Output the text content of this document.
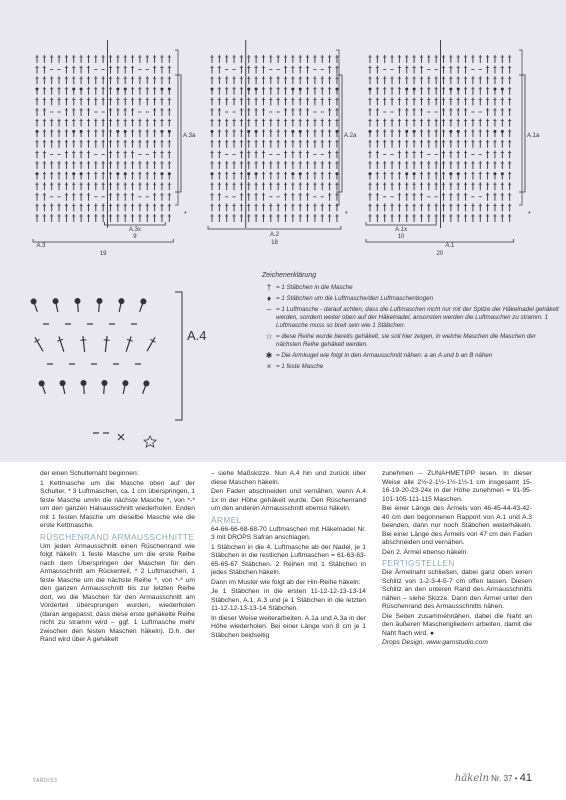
A.3a
A.3x
9
A.3
19
*
A.2a
A.2
18
*
A.1a
A.1x
10
A.1
20
*
A.4
Zeichenerklärung
† = 1 Stäbchen in die Masche
♦ = 1 Stäbchen um die Luftmasche/den Luftmaschenbogen
– = 1 Luftmasche - darauf achten, dass die Luftmaschen nicht nur mit der Spitze der Häkelnadel gehäkelt werden, sondern weiter oben auf der Häkelnadel, ansonsten werden die Luftmaschen zu stramm. 1 Luftmasche muss so breit sein wie 1 Stäbchen.
☆ = diese Reihe wurde bereits gehäkelt, sie soll hier zeigen, in welche Maschen die Maschen der nächsten Reihe gehäkelt werden.
✱ = Die Armkugel wie folgt in den Armausschnitt nähen: a an A und b an B nähen
× = 1 feste Masche

der einen Schulternaht beginnen:

1 Kettmasche um die Masche oben auf der Schulter, * 3 Luftmaschen, ca. 1 cm überspringen, 1 feste Masche um/in die nächste Masche *, von *-* um den ganzen Halsausschnitt wiederholen. Enden mit 1 festen Masche um dieselbe Masche wie die erste Kettmasche.

RÜSCHENRAND ARMAUSSCHNITTE

Um jeden Armausschnitt einen Rüschenrand wie folgt häkeln: 1 feste Masche um die erste Reihe nach dem Überspringen der Maschen für den Armausschnitt am Rückenteil, * 2 Luftmaschen, 1 feste Masche um die nächste Reihe *, von *-* um den ganzen Armausschnitt bis zur letzten Reihe dort, wo die Maschen für den Armausschnitt am Vorderteil übersprungen wurden, wiederholen (daran angepasst, dass diese erste gehäkelte Reihe nicht zu stramm wird – ggf. 1 Luftmasche mehr zwischen den festen Maschen häkeln). D.h. der Rand wird über A gehäkelt

– siehe Maßskizze. Nun A.4 hin und zurück über diese Maschen häkeln.

Den Faden abschneiden und vernähen, wenn A.4 1x in der Höhe gehäkelt wurde. Den Rüschenrand um den anderen Armausschnitt ebenso häkeln.

ÄRMEL

64-66-66-68-68-70 Luftmaschen mit Häkelnadel Nr. 3 mit DROPS Safran anschlagen.

1 Stäbchen in die 4. Luftmasche ab der Nadel, je 1 Stäbchen in die restlichen Luftmaschen = 61-63-63-65-65-67 Stäbchen. 2 Reihen mit 1 Stäbchen in jedes Stäbchen häkeln.

Dann im Muster wie folgt ab der Hin-Reihe häkeln:

Je 1 Stäbchen in die ersten 11-12-12-13-13-14 Stäbchen, A.1, A.3 und je 1 Stäbchen in die letzten 11-12-12-13-13-14 Stäbchen.

In dieser Weise weiterarbeiten. A.1a und A.3a in der Höhe wiederholen. Bei einer Länge von 8 cm je 1 Stäbchen beidseitig

zunehmen – ZUNAHMETIPP lesen. In dieser Weise alle 2½-2-1½-1½-1½-1 cm insgesamt 15-16-19-20-23-24x in der Höhe zunehmen = 91-95-101-105-111-115 Maschen.

Bei einer Länge des Ärmels von 46-45-44-43-42-40 cm den begonnenen Rapport von A.1 und A.3 beenden, dann nur noch Stäbchen weiterhäkeln. Bei einer Länge des Ärmels von 47 cm den Faden abschneiden und vernähen.

Den 2. Ärmel ebenso häkeln.

FERTIGSTELLEN

Die Ärmelnaht schließen, dabei ganz oben einen Schlitz von 1-2-3-4-5-7 cm offen lassen. Diesen Schlitz an den unteren Rand des Armausschnitts nähen – siehe Skizze. Dann den Ärmel unter den Rüschenrand des Armausschnitts nähen.

Die Seiten zusammennähen, dabei die Naht an den äußeren Maschengliedern arbeiten, damit die Naht flach wird. ●

Drops Design, www.garnstudio.com

TARDIS3	häkeln Nr. 37 • 41
